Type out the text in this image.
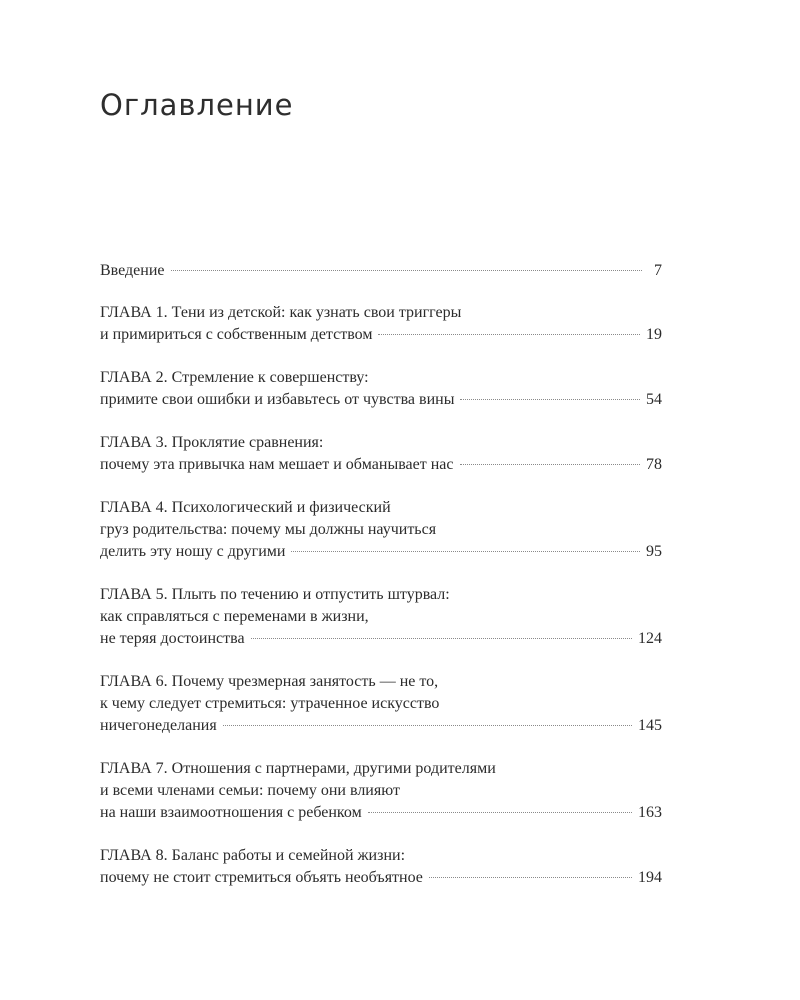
Оглавление
Введение	7
ГЛАВА 1. Тени из детской: как узнать свои триггеры
и примириться с собственным детством	19
ГЛАВА 2. Стремление к совершенству:
примите свои ошибки и избавьтесь от чувства вины	54
ГЛАВА 3. Проклятие сравнения:
почему эта привычка нам мешает и обманывает нас	78
ГЛАВА 4. Психологический и физический
груз родительства: почему мы должны научиться
делить эту ношу с другими	95
ГЛАВА 5. Плыть по течению и отпустить штурвал:
как справляться с переменами в жизни,
не теряя достоинства	124
ГЛАВА 6. Почему чрезмерная занятость — не то,
к чему следует стремиться: утраченное искусство
ничегонеделания	145
ГЛАВА 7. Отношения с партнерами, другими родителями
и всеми членами семьи: почему они влияют
на наши взаимоотношения с ребенком	163
ГЛАВА 8. Баланс работы и семейной жизни:
почему не стоит стремиться объять необъятное	194
